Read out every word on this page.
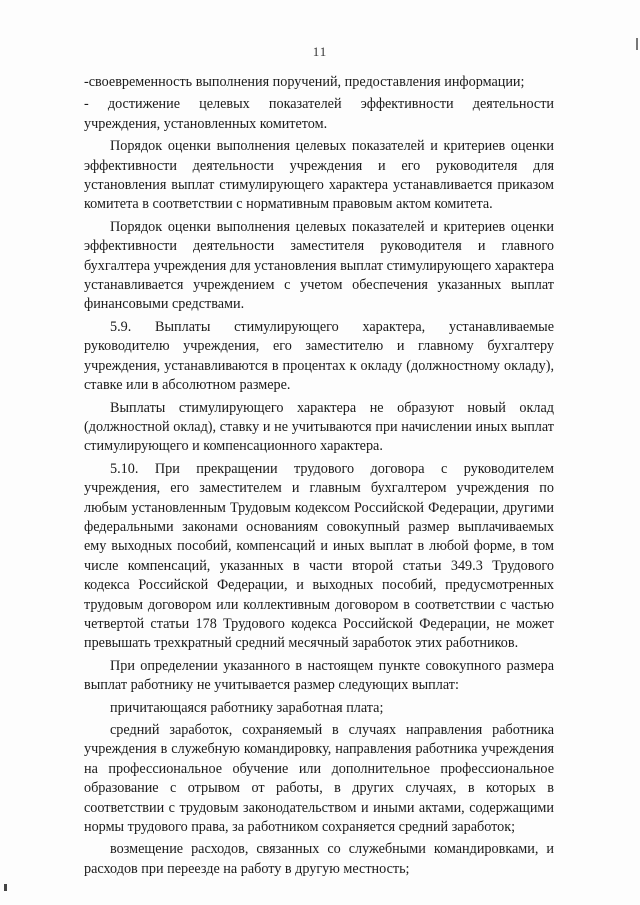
11

-своевременность выполнения поручений, предоставления информации;

- достижение целевых показателей эффективности деятельности учреждения, установленных комитетом.

Порядок оценки выполнения целевых показателей и критериев оценки эффективности деятельности учреждения и его руководителя для установления выплат стимулирующего характера устанавливается приказом комитета в соответствии с нормативным правовым актом комитета.

Порядок оценки выполнения целевых показателей и критериев оценки эффективности деятельности заместителя руководителя и главного бухгалтера учреждения для установления выплат стимулирующего характера устанавливается учреждением с учетом обеспечения указанных выплат финансовыми средствами.

5.9. Выплаты стимулирующего характера, устанавливаемые руководителю учреждения, его заместителю и главному бухгалтеру учреждения, устанавливаются в процентах к окладу (должностному окладу), ставке или в абсолютном размере.

Выплаты стимулирующего характера не образуют новый оклад (должностной оклад), ставку и не учитываются при начислении иных выплат стимулирующего и компенсационного характера.

5.10. При прекращении трудового договора с руководителем учреждения, его заместителем и главным бухгалтером учреждения по любым установленным Трудовым кодексом Российской Федерации, другими федеральными законами основаниям совокупный размер выплачиваемых ему выходных пособий, компенсаций и иных выплат в любой форме, в том числе компенсаций, указанных в части второй статьи 349.3 Трудового кодекса Российской Федерации, и выходных пособий, предусмотренных трудовым договором или коллективным договором в соответствии с частью четвертой статьи 178 Трудового кодекса Российской Федерации, не может превышать трехкратный средний месячный заработок этих работников.

При определении указанного в настоящем пункте совокупного размера выплат работнику не учитывается размер следующих выплат:

причитающаяся работнику заработная плата;

средний заработок, сохраняемый в случаях направления работника учреждения в служебную командировку, направления работника учреждения на профессиональное обучение или дополнительное профессиональное образование с отрывом от работы, в других случаях, в которых в соответствии с трудовым законодательством и иными актами, содержащими нормы трудового права, за работником сохраняется средний заработок;

возмещение расходов, связанных со служебными командировками, и расходов при переезде на работу в другую местность;
